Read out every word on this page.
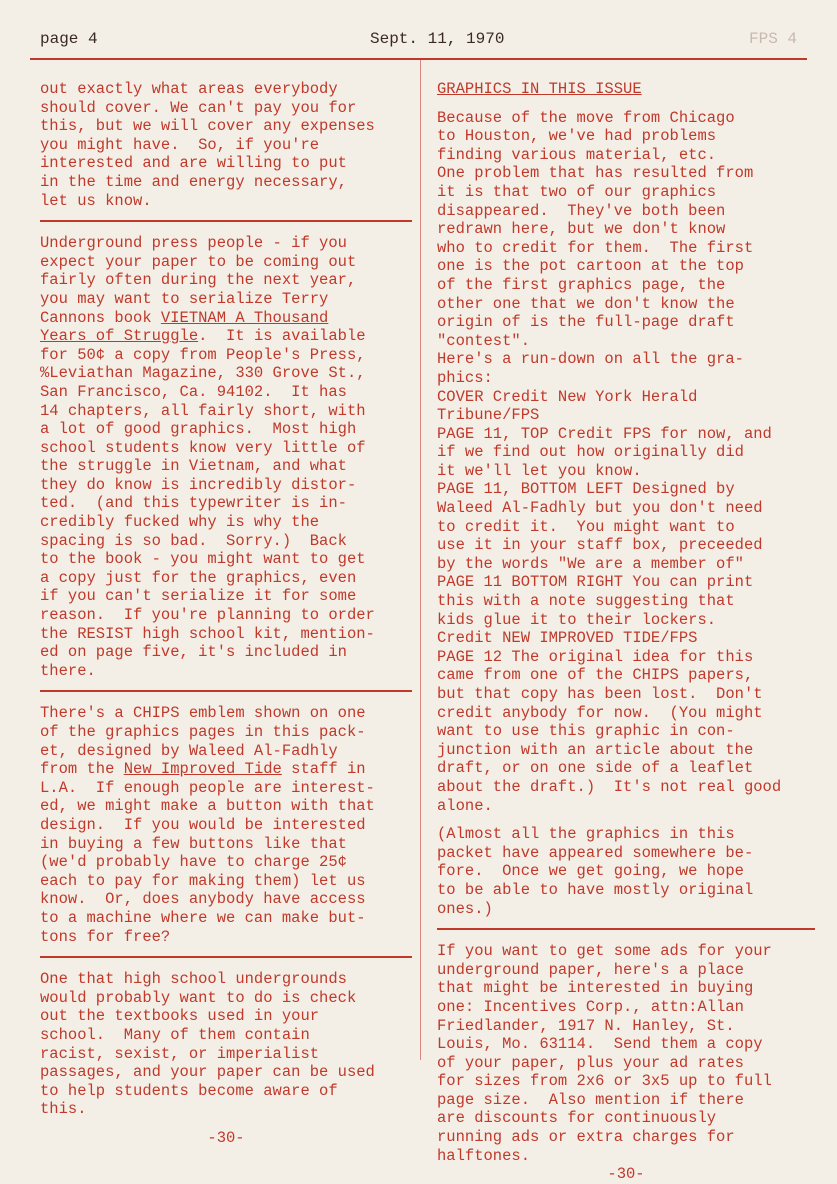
page 4	Sept. 11, 1970	FPS 4

out exactly what areas everybody
should cover. We can't pay you for
this, but we will cover any expenses
you might have.  So, if you're
interested and are willing to put
in the time and energy necessary,
let us know.

Underground press people - if you
expect your paper to be coming out
fairly often during the next year,
you may want to serialize Terry
Cannons book VIETNAM A Thousand
Years of Struggle.  It is available
for 50¢ a copy from People's Press,
%Leviathan Magazine, 330 Grove St.,
San Francisco, Ca. 94102.  It has
14 chapters, all fairly short, with
a lot of good graphics.  Most high
school students know very little of
the struggle in Vietnam, and what
they do know is incredibly distor-
ted.  (and this typewriter is in-
credibly fucked why is why the
spacing is so bad.  Sorry.)  Back
to the book - you might want to get
a copy just for the graphics, even
if you can't serialize it for some
reason.  If you're planning to order
the RESIST high school kit, mention-
ed on page five, it's included in
there.

There's a CHIPS emblem shown on one
of the graphics pages in this pack-
et, designed by Waleed Al-Fadhly
from the New Improved Tide staff in
L.A.  If enough people are interest-
ed, we might make a button with that
design.  If you would be interested
in buying a few buttons like that
(we'd probably have to charge 25¢
each to pay for making them) let us
know.  Or, does anybody have access
to a machine where we can make but-
tons for free?

One that high school undergrounds
would probably want to do is check
out the textbooks used in your
school.  Many of them contain
racist, sexist, or imperialist
passages, and your paper can be used
to help students become aware of
this.

-30-

GRAPHICS IN THIS ISSUE

Because of the move from Chicago
to Houston, we've had problems
finding various material, etc.
One problem that has resulted from
it is that two of our graphics
disappeared.  They've both been
redrawn here, but we don't know
who to credit for them.  The first
one is the pot cartoon at the top
of the first graphics page, the
other one that we don't know the
origin of is the full-page draft
"contest".

Here's a run-down on all the gra-
phics:
COVER Credit New York Herald
Tribune/FPS
PAGE 11, TOP Credit FPS for now, and
if we find out how originally did
it we'll let you know.
PAGE 11, BOTTOM LEFT Designed by
Waleed Al-Fadhly but you don't need
to credit it.  You might want to
use it in your staff box, preceeded
by the words "We are a member of"
PAGE 11 BOTTOM RIGHT You can print
this with a note suggesting that
kids glue it to their lockers.
Credit NEW IMPROVED TIDE/FPS
PAGE 12 The original idea for this
came from one of the CHIPS papers,
but that copy has been lost.  Don't
credit anybody for now.  (You might
want to use this graphic in con-
junction with an article about the
draft, or on one side of a leaflet
about the draft.)  It's not real good
alone.

(Almost all the graphics in this
packet have appeared somewhere be-
fore.  Once we get going, we hope
to be able to have mostly original
ones.)

If you want to get some ads for your
underground paper, here's a place
that might be interested in buying
one: Incentives Corp., attn:Allan
Friedlander, 1917 N. Hanley, St.
Louis, Mo. 63114.  Send them a copy
of your paper, plus your ad rates
for sizes from 2x6 or 3x5 up to full
page size.  Also mention if there
are discounts for continuously
running ads or extra charges for
halftones.

-30-
